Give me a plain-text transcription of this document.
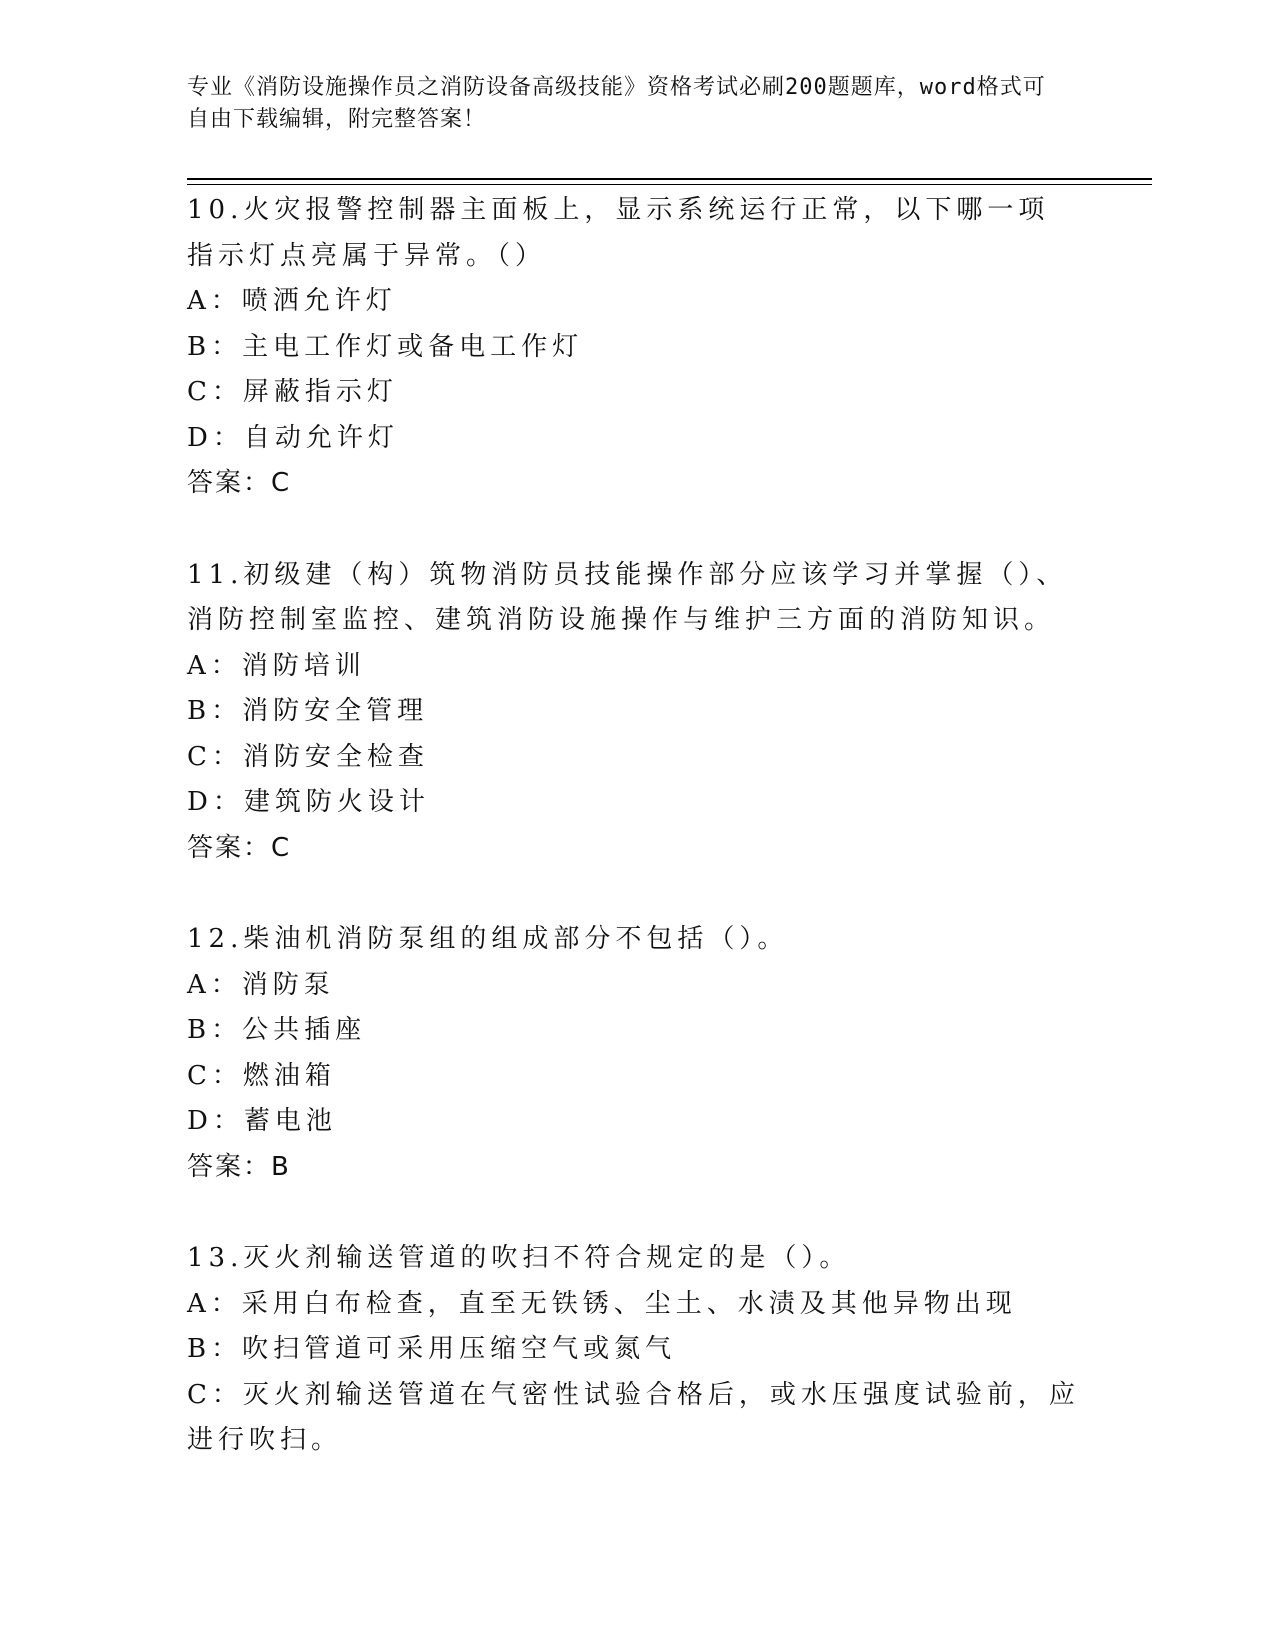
专业《消防设施操作员之消防设备高级技能》资格考试必刷200题题库，word格式可自由下载编辑，附完整答案！

10.火灾报警控制器主面板上，显示系统运行正常，以下哪一项指示灯点亮属于异常。（）

A：喷洒允许灯

B：主电工作灯或备电工作灯

C：屏蔽指示灯

D：自动允许灯

答案：C

11.初级建（构）筑物消防员技能操作部分应该学习并掌握（）、消防控制室监控、建筑消防设施操作与维护三方面的消防知识。

A：消防培训

B：消防安全管理

C：消防安全检查

D：建筑防火设计

答案：C

12.柴油机消防泵组的组成部分不包括（）。

A：消防泵

B：公共插座

C：燃油箱

D：蓄电池

答案：B

13.灭火剂输送管道的吹扫不符合规定的是（）。

A：采用白布检查，直至无铁锈、尘土、水渍及其他异物出现

B：吹扫管道可采用压缩空气或氮气

C：灭火剂输送管道在气密性试验合格后，或水压强度试验前，应进行吹扫。
